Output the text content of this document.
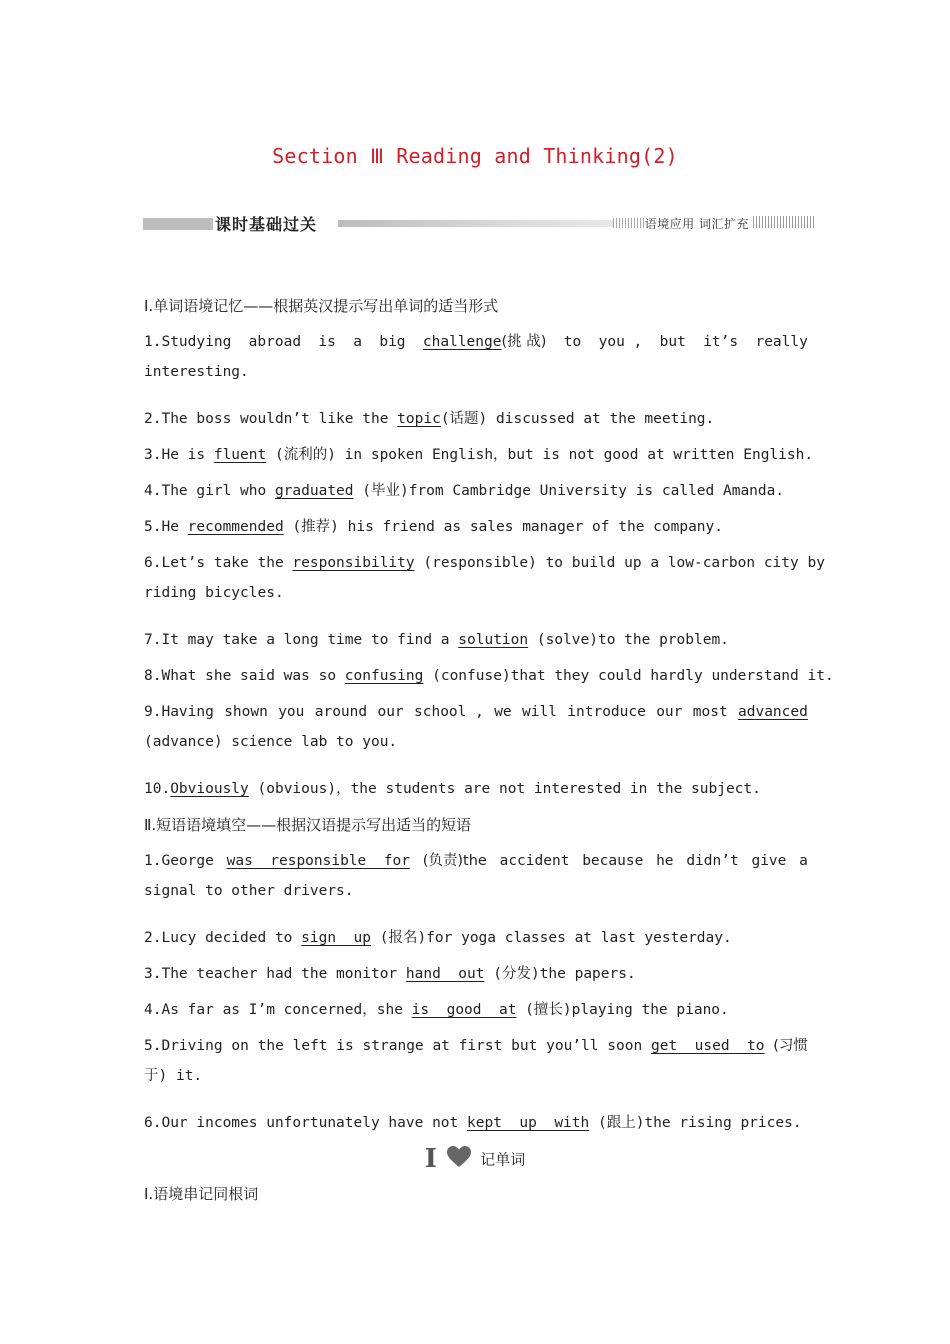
Section Ⅲ Reading and Thinking(2)
课时基础过关	语境应用 词汇扩充
Ⅰ.单词语境记忆——根据英汉提示写出单词的适当形式
1.Studying abroad is a big challenge(挑 战) to you , but it’s really
interesting.
2.The boss wouldn’t like the topic(话题) discussed at the meeting.
3.He is fluent (流利的) in spoken English，but is not good at written English.
4.The girl who graduated (毕业)from Cambridge University is called Amanda.
5.He recommended (推荐) his friend as sales manager of the company.
6.Let’s take the responsibility (responsible) to build up a low-carbon city by
riding bicycles.
7.It may take a long time to find a solution (solve)to the problem.
8.What she said was so confusing (confuse)that they could hardly understand it.
9.Having shown you around our school , we will introduce our most advanced
(advance) science lab to you.
10.Obviously (obvious)，the students are not interested in the subject.
Ⅱ.短语语境填空——根据汉语提示写出适当的短语
1.George was  responsible  for (负责)the accident because he didn’t give a
signal to other drivers.
2.Lucy decided to sign  up (报名)for yoga classes at last yesterday.
3.The teacher had the monitor hand  out (分发)the papers.
4.As far as I’m concerned，she is  good  at (擅长)playing the piano.
5.Driving on the left is strange at first but you’ll soon get  used  to (习惯
于) it.
6.Our incomes unfortunately have not kept  up  with (跟上)the rising prices.
I	记单词
Ⅰ.语境串记同根词
